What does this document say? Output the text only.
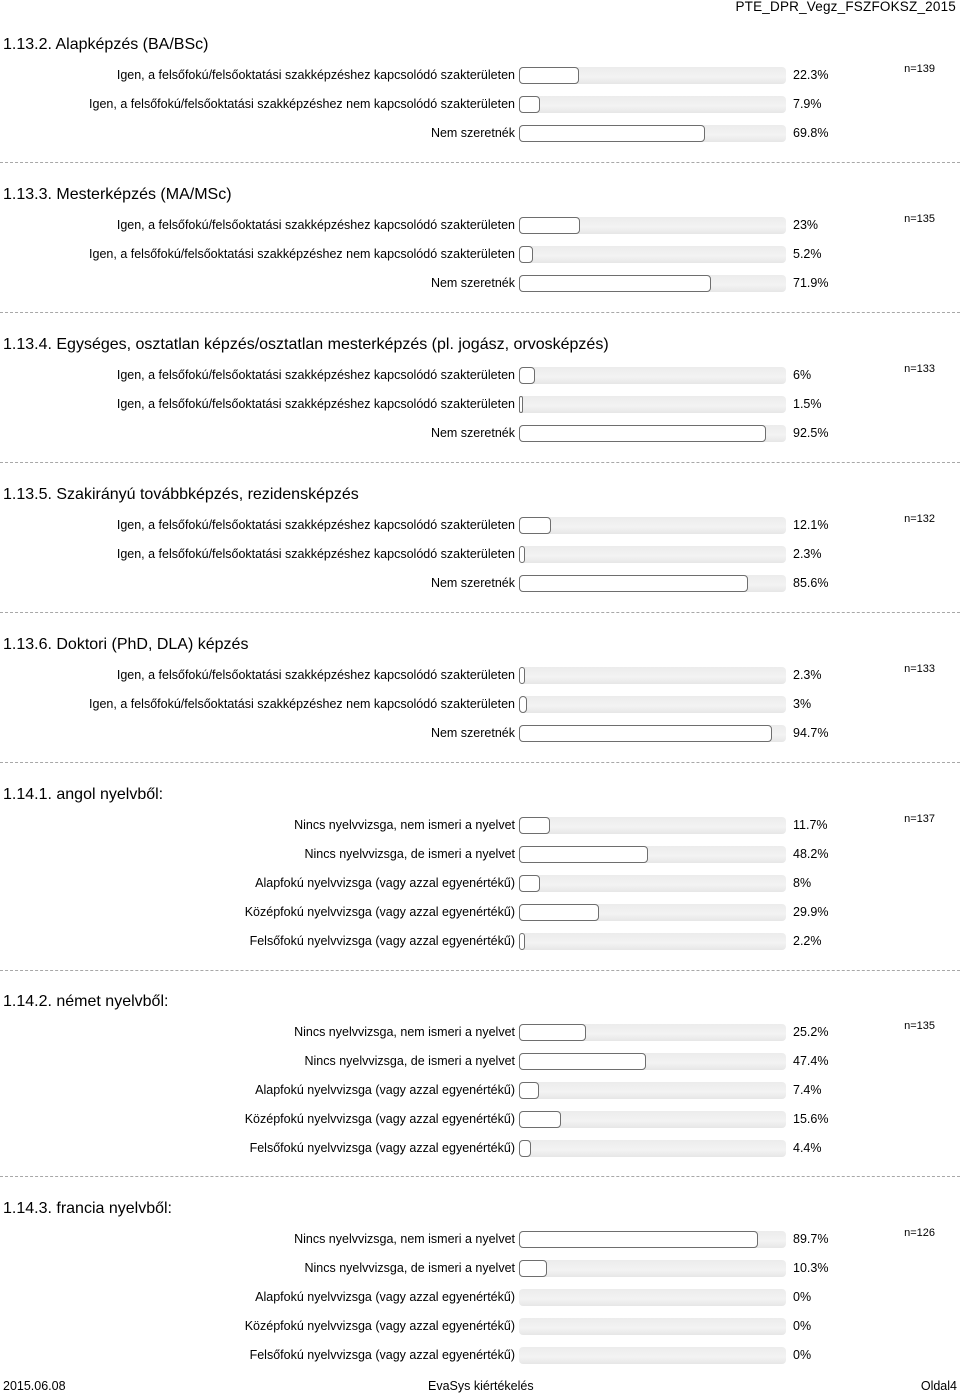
PTE_DPR_Vegz_FSZFOKSZ_2015
1.13.2. Alapképzés (BA/BSc)
n=139
Igen, a felsőfokú/felsőoktatási szakképzéshez kapcsolódó szakterületen	22.3%
Igen, a felsőfokú/felsőoktatási szakképzéshez nem kapcsolódó szakterületen	7.9%
Nem szeretnék	69.8%
1.13.3. Mesterképzés (MA/MSc)
n=135
Igen, a felsőfokú/felsőoktatási szakképzéshez kapcsolódó szakterületen	23%
Igen, a felsőfokú/felsőoktatási szakképzéshez nem kapcsolódó szakterületen	5.2%
Nem szeretnék	71.9%
1.13.4. Egységes, osztatlan képzés/osztatlan mesterképzés (pl. jogász, orvosképzés)
n=133
Igen, a felsőfokú/felsőoktatási szakképzéshez kapcsolódó szakterületen	6%
Igen, a felsőfokú/felsőoktatási szakképzéshez kapcsolódó szakterületen	1.5%
Nem szeretnék	92.5%
1.13.5. Szakirányú továbbképzés, rezidensképzés
n=132
Igen, a felsőfokú/felsőoktatási szakképzéshez kapcsolódó szakterületen	12.1%
Igen, a felsőfokú/felsőoktatási szakképzéshez kapcsolódó szakterületen	2.3%
Nem szeretnék	85.6%
1.13.6. Doktori (PhD, DLA) képzés
n=133
Igen, a felsőfokú/felsőoktatási szakképzéshez kapcsolódó szakterületen	2.3%
Igen, a felsőfokú/felsőoktatási szakképzéshez nem kapcsolódó szakterületen	3%
Nem szeretnék	94.7%
1.14.1. angol nyelvből:
n=137
Nincs nyelvvizsga, nem ismeri a nyelvet	11.7%
Nincs nyelvvizsga, de ismeri a nyelvet	48.2%
Alapfokú nyelvvizsga (vagy azzal egyenértékű)	8%
Középfokú nyelvvizsga (vagy azzal egyenértékű)	29.9%
Felsőfokú nyelvvizsga (vagy azzal egyenértékű)	2.2%
1.14.2. német nyelvből:
n=135
Nincs nyelvvizsga, nem ismeri a nyelvet	25.2%
Nincs nyelvvizsga, de ismeri a nyelvet	47.4%
Alapfokú nyelvvizsga (vagy azzal egyenértékű)	7.4%
Középfokú nyelvvizsga (vagy azzal egyenértékű)	15.6%
Felsőfokú nyelvvizsga (vagy azzal egyenértékű)	4.4%
1.14.3. francia nyelvből:
n=126
Nincs nyelvvizsga, nem ismeri a nyelvet	89.7%
Nincs nyelvvizsga, de ismeri a nyelvet	10.3%
Alapfokú nyelvvizsga (vagy azzal egyenértékű)	0%
Középfokú nyelvvizsga (vagy azzal egyenértékű)	0%
Felsőfokú nyelvvizsga (vagy azzal egyenértékű)	0%
2015.06.08	EvaSys kiértékelés	Oldal4
